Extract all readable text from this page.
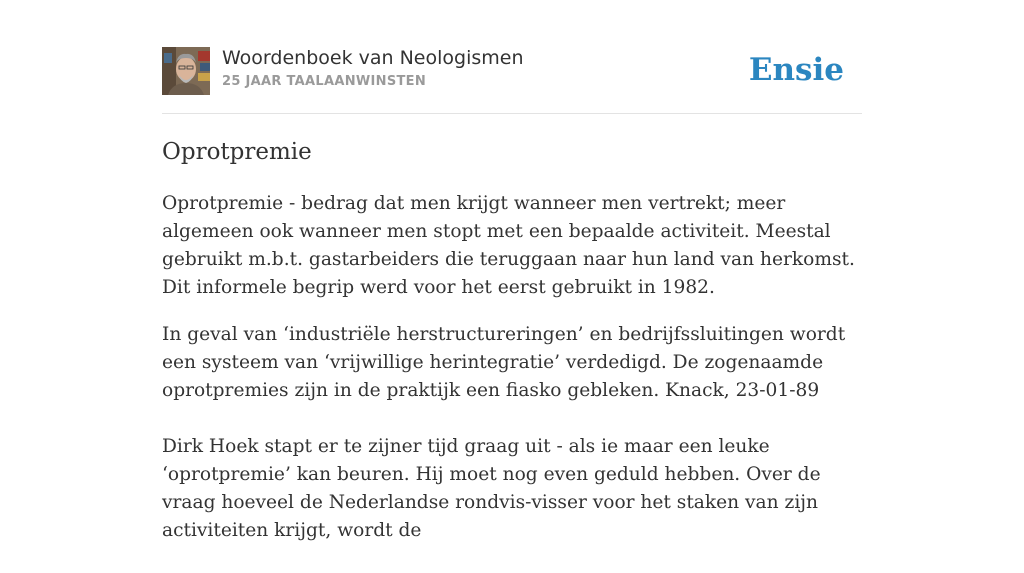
Woordenboek van Neologismen
25 JAAR TAALAANWINSTEN	Ensie
Oprotpremie

Oprotpremie - bedrag dat men krijgt wanneer men vertrekt; meer algemeen ook wanneer men stopt met een bepaalde activiteit. Meestal gebruikt m.b.t. gastarbeiders die teruggaan naar hun land van herkomst. Dit informele begrip werd voor het eerst gebruikt in 1982.

In geval van ‘industriële herstructureringen’ en bedrijfssluitingen wordt een systeem van ‘vrijwillige herintegratie’ verdedigd. De zogenaamde oprotpremies zijn in de praktijk een fiasko gebleken. Knack, 23-01-89

Dirk Hoek stapt er te zijner tijd graag uit - als ie maar een leuke ‘oprotpremie’ kan beuren. Hij moet nog even geduld hebben. Over de vraag hoeveel de Nederlandse rondvis-visser voor het staken van zijn activiteiten krijgt, wordt de
